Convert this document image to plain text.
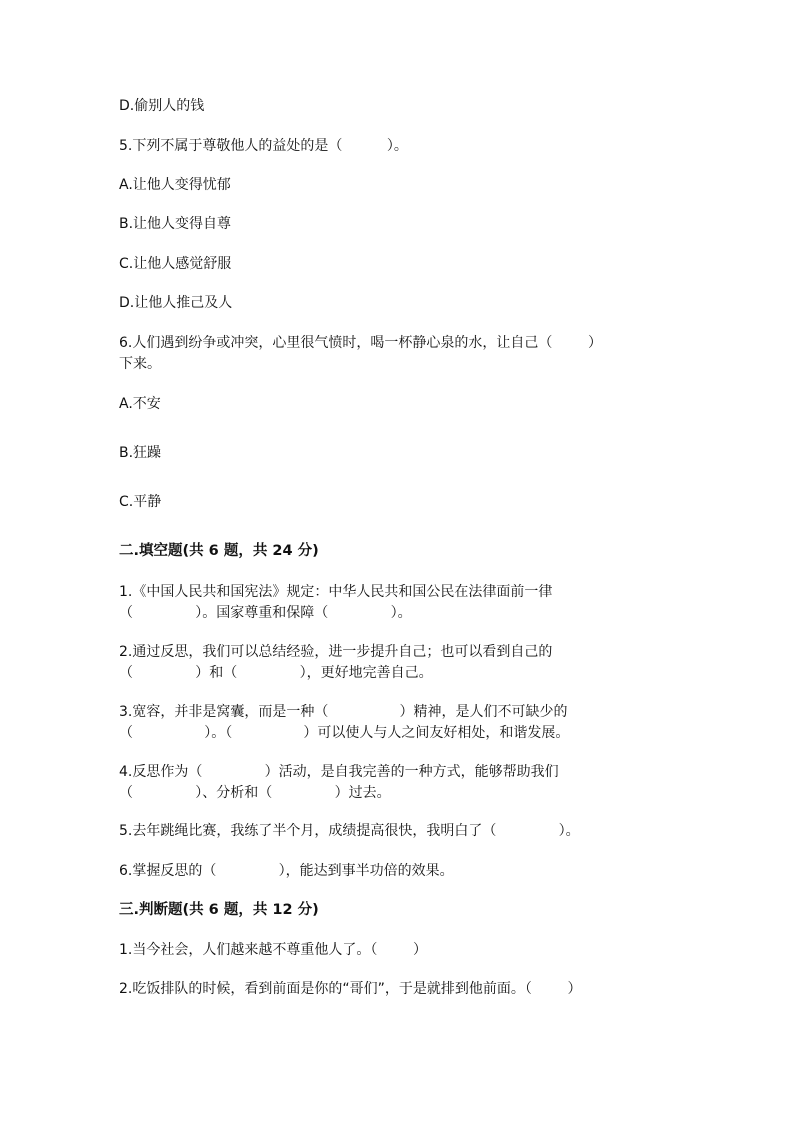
D.偷别人的钱
5.下列不属于尊敬他人的益处的是（          ）。
A.让他人变得忧郁
B.让他人变得自尊
C.让他人感觉舒服
D.让他人推己及人
6.人们遇到纷争或冲突，心里很气愤时，喝一杯静心泉的水，让自己（        ）
下来。
A.不安
B.狂躁
C.平静
二.填空题(共 6 题，共 24 分)
1.《中国人民共和国宪法》规定：中华人民共和国公民在法律面前一律
（              ）。国家尊重和保障（              ）。
2.通过反思，我们可以总结经验，进一步提升自己；也可以看到自己的
（              ）和（              ），更好地完善自己。
3.宽容，并非是窝囊，而是一种（                ）精神，是人们不可缺少的
（                ）。（                ）可以使人与人之间友好相处，和谐发展。
4.反思作为（              ）活动，是自我完善的一种方式，能够帮助我们
（              ）、分析和（              ）过去。
5.去年跳绳比赛，我练了半个月，成绩提高很快，我明白了（              ）。
6.掌握反思的（              ），能达到事半功倍的效果。
三.判断题(共 6 题，共 12 分)
1.当今社会，人们越来越不尊重他人了。（        ）
2.吃饭排队的时候，看到前面是你的“哥们”，于是就排到他前面。（        ）
